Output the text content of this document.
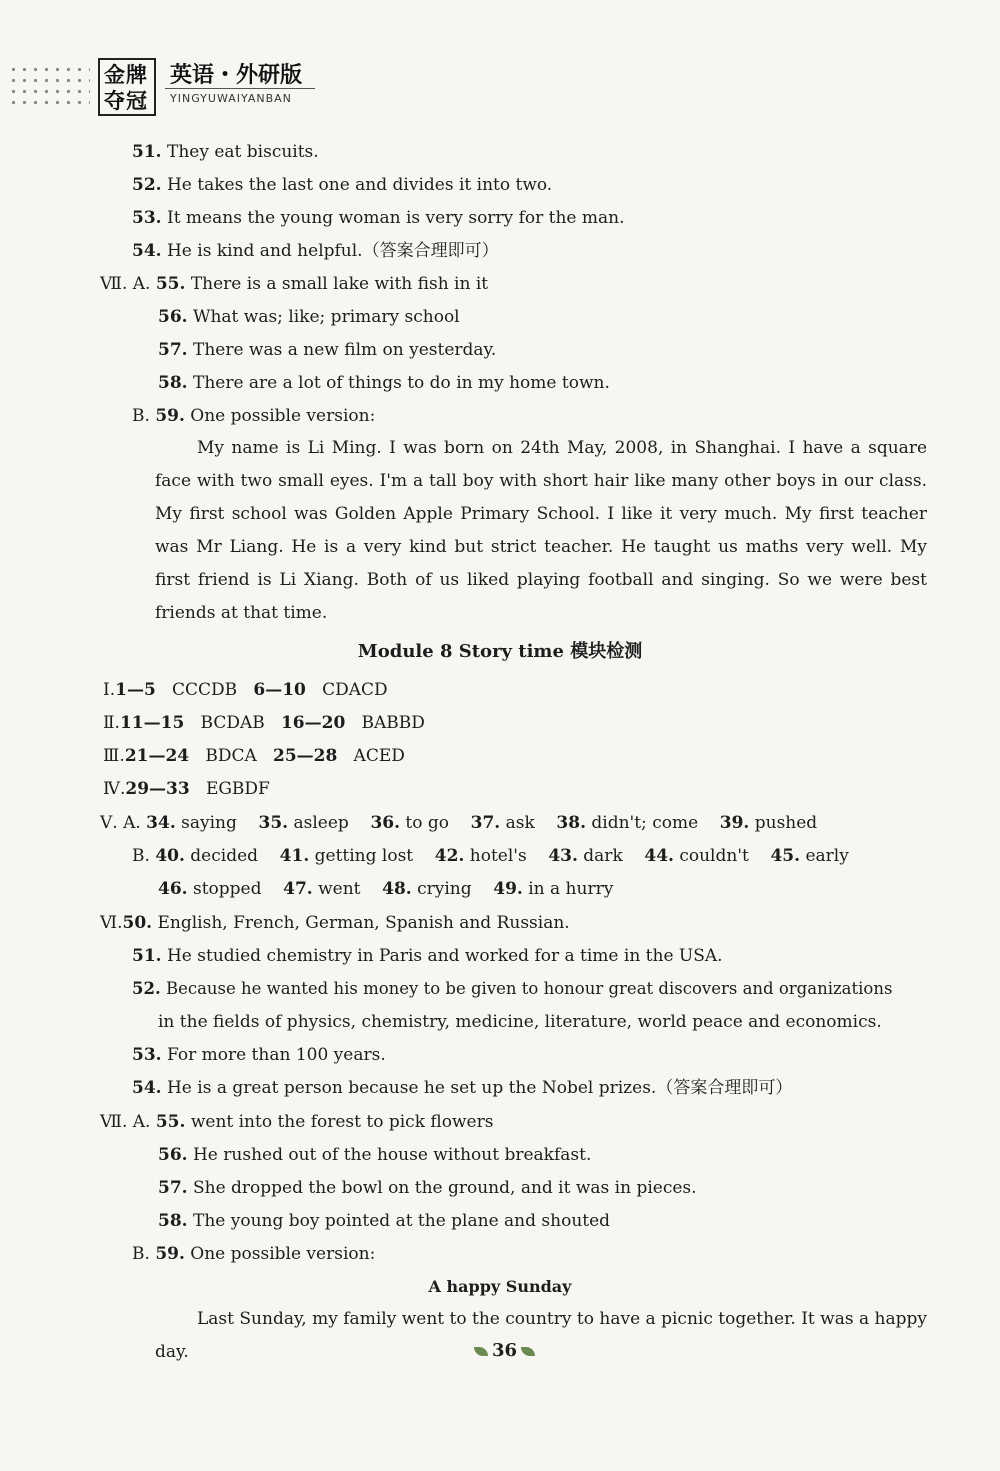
金牌
夺冠
英语・外研版
YINGYUWAIYANBAN
51. They eat biscuits.
52. He takes the last one and divides it into two.
53. It means the young woman is very sorry for the man.
54. He is kind and helpful.（答案合理即可）
Ⅶ. A. 55. There is a small lake with fish in it
56. What was; like; primary school
57. There was a new film on yesterday.
58. There are a lot of things to do in my home town.
B. 59. One possible version:
My name is Li Ming. I was born on 24th May, 2008, in Shanghai. I have a square face with two small eyes. I'm a tall boy with short hair like many other boys in our class. My first school was Golden Apple Primary School. I like it very much. My first teacher was Mr Liang. He is a very kind but strict teacher. He taught us maths very well. My first friend is Li Xiang. Both of us liked playing football and singing. So we were best friends at that time.
Module 8 Story time 模块检测
Ⅰ.1—5 CCCDB 6—10 CDACD
Ⅱ.11—15 BCDAB 16—20 BABBD
Ⅲ.21—24 BDCA 25—28 ACED
Ⅳ.29—33 EGBDF
Ⅴ. A. 34. saying 35. asleep 36. to go 37. ask 38. didn't; come 39. pushed
B. 40. decided 41. getting lost 42. hotel's 43. dark 44. couldn't 45. early
46. stopped 47. went 48. crying 49. in a hurry
Ⅵ.50. English, French, German, Spanish and Russian.
51. He studied chemistry in Paris and worked for a time in the USA.
52. Because he wanted his money to be given to honour great discovers and organizations
in the fields of physics, chemistry, medicine, literature, world peace and economics.
53. For more than 100 years.
54. He is a great person because he set up the Nobel prizes.（答案合理即可）
Ⅶ. A. 55. went into the forest to pick flowers
56. He rushed out of the house without breakfast.
57. She dropped the bowl on the ground, and it was in pieces.
58. The young boy pointed at the plane and shouted
B. 59. One possible version:
A happy Sunday
Last Sunday, my family went to the country to have a picnic together. It was a happy day.	36
